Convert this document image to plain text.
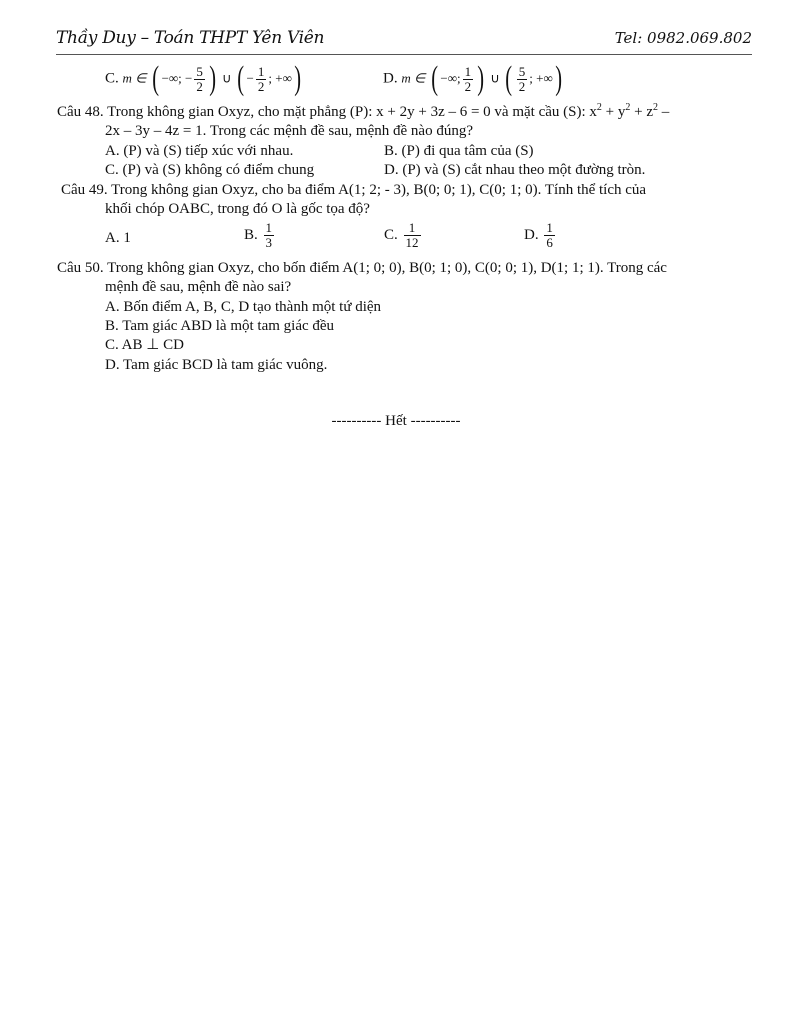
Thầy Duy – Toán THPT Yên Viên	Tel: 0982.069.802
C. m ∈ ( −∞; − $\frac{5}{2}$ ) ∪ ( − $\frac{1}{2}$ ; +∞)	D. m ∈ ( −∞; $\frac{1}{2}$ ) ∪ ( $\frac{5}{2}$ ; +∞)
Câu 48. Trong không gian Oxyz, cho mặt phẳng (P): x + 2y + 3z – 6 = 0 và mặt cầu (S): $x^2 + y^2 + z^2$ –
2x – 3y – 4z = 1. Trong các mệnh đề sau, mệnh đề nào đúng?
A. (P) và (S) tiếp xúc với nhau.	B. (P) đi qua tâm của (S)
C. (P) và (S) không có điểm chung	D. (P) và (S) cắt nhau theo một đường tròn.
Câu 49. Trong không gian Oxyz, cho ba điểm A(1; 2; - 3), B(0; 0; 1), C(0; 1; 0). Tính thể tích của
khối chóp OABC, trong đó O là gốc tọa độ?
A. 1	B. $\frac{1}{3}$	C. $\frac{1}{12}$	D. $\frac{1}{6}$
Câu 50. Trong không gian Oxyz, cho bốn điểm A(1; 0; 0), B(0; 1; 0), C(0; 0; 1), D(1; 1; 1). Trong các
mệnh đề sau, mệnh đề nào sai?
A. Bốn điểm A, B, C, D tạo thành một tứ diện
B. Tam giác ABD là một tam giác đều
C. AB ⊥ CD
D. Tam giác BCD là tam giác vuông.
---------- Hết ----------
